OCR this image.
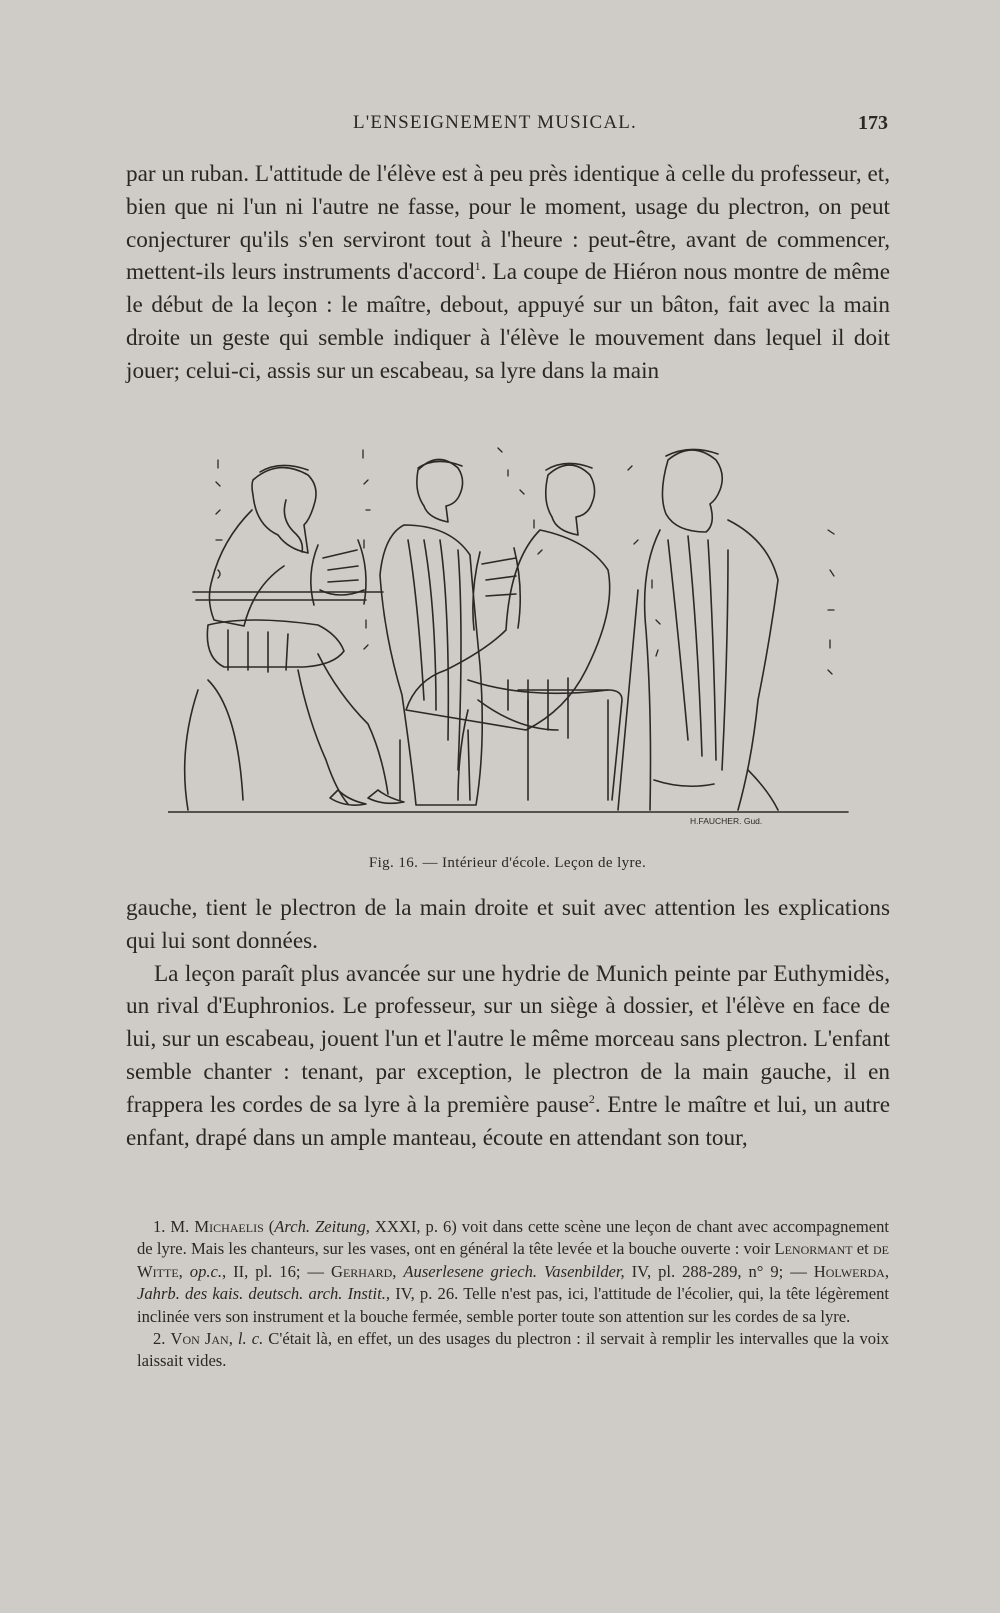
L'ENSEIGNEMENT MUSICAL.	173

par un ruban. L'attitude de l'élève est à peu près identique à celle du professeur, et, bien que ni l'un ni l'autre ne fasse, pour le moment, usage du plectron, on peut conjecturer qu'ils s'en serviront tout à l'heure : peut-être, avant de commencer, mettent-ils leurs instruments d'accord$^1$. La coupe de Hiéron nous montre de même le début de la leçon : le maître, debout, appuyé sur un bâton, fait avec la main droite un geste qui semble indiquer à l'élève le mouvement dans lequel il doit jouer; celui-ci, assis sur un escabeau, sa lyre dans la main

H.FAUCHER. Gud.
Fig. 16. — Intérieur d'école. Leçon de lyre.

gauche, tient le plectron de la main droite et suit avec attention les explications qui lui sont données.

La leçon paraît plus avancée sur une hydrie de Munich peinte par Euthymidès, un rival d'Euphronios. Le professeur, sur un siège à dossier, et l'élève en face de lui, sur un escabeau, jouent l'un et l'autre le même morceau sans plectron. L'enfant semble chanter : tenant, par exception, le plectron de la main gauche, il en frappera les cordes de sa lyre à la première pause$^2$. Entre le maître et lui, un autre enfant, drapé dans un ample manteau, écoute en attendant son tour,

1. M. Michaelis (Arch. Zeitung, XXXI, p. 6) voit dans cette scène une leçon de chant avec accompagnement de lyre. Mais les chanteurs, sur les vases, ont en général la tête levée et la bouche ouverte : voir Lenormant et de Witte, op.c., II, pl. 16; — Gerhard, Auserlesene griech. Vasenbilder, IV, pl. 288-289, n° 9; — Holwerda, Jahrb. des kais. deutsch. arch. Instit., IV, p. 26. Telle n'est pas, ici, l'attitude de l'écolier, qui, la tête légèrement inclinée vers son instrument et la bouche fermée, semble porter toute son attention sur les cordes de sa lyre.

2. Von Jan, l. c. C'était là, en effet, un des usages du plectron : il servait à remplir les intervalles que la voix laissait vides.
